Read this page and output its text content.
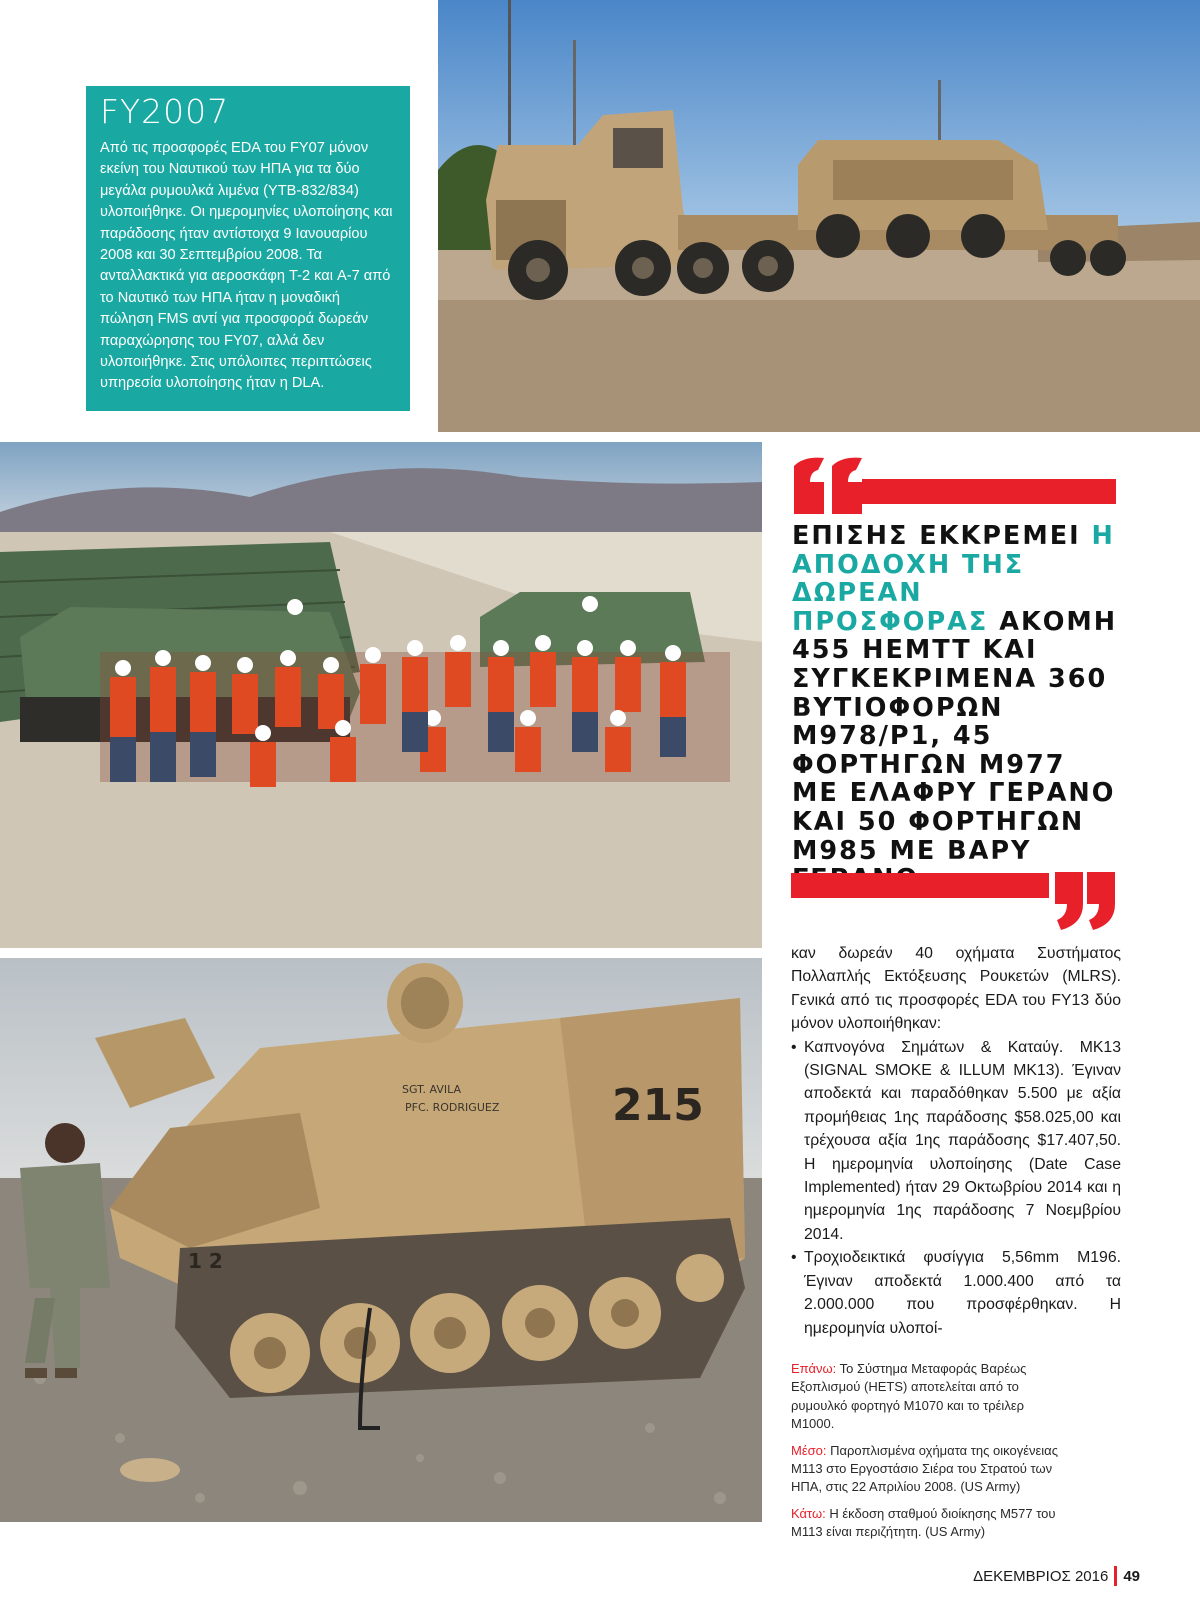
FY2007

Από τις προσφορές EDA του FY07 μόνον εκείνη του Ναυτικού των ΗΠΑ για τα δύο μεγάλα ρυμουλκά λιμένα (YTB-832/834) υλοποιήθηκε. Οι ημερομηνίες υλοποίησης και παράδοσης ήταν αντίστοιχα 9 Ιανουαρίου 2008 και 30 Σεπτεμβρίου 2008. Τα ανταλλακτικά για αεροσκάφη T-2 και A-7 από το Ναυτικό των ΗΠΑ ήταν η μοναδική πώληση FMS αντί για προσφορά δωρεάν παραχώρησης του FY07, αλλά δεν υλοποιήθηκε. Στις υπόλοιπες περιπτώσεις υπηρεσία υλοποίησης ήταν η DLA.

215
SGT. AVILA
PFC. RODRIGUEZ
1 2

ΕΠΙΣΗΣ ΕΚΚΡΕΜΕΙ Η ΑΠΟΔΟΧΗ ΤΗΣ ΔΩΡΕΑΝ ΠΡΟΣΦΟΡΑΣ ΑΚΟΜΗ 455 HEMTT ΚΑΙ ΣΥΓΚΕΚΡΙΜΕΝΑ 360 ΒΥΤΙΟΦΟΡΩΝ M978/P1, 45 ΦΟΡΤΗΓΩΝ M977 ΜΕ ΕΛΑΦΡΥ ΓΕΡΑΝΟ ΚΑΙ 50 ΦΟΡΤΗΓΩΝ M985 ΜΕ ΒΑΡΥ

καν δωρεάν 40 οχήματα Συστήματος Πολλαπλής Εκτόξευσης Ρουκετών (MLRS). Γενικά από τις προσφορές EDA του FY13 δύο μόνον υλοποιήθηκαν:

• Καπνογόνα Σημάτων & Καταύγ. MK13 (SIGNAL SMOKE & ILLUM MK13). Έγιναν αποδεκτά και παραδόθηκαν 5.500 με αξία προμήθειας 1ης παράδοσης $58.025,00 και τρέχουσα αξία 1ης παράδοσης $17.407,50. Η ημερομηνία υλοποίησης (Date Case Implemented) ήταν 29 Οκτωβρίου 2014 και η ημερομηνία 1ης παράδοσης 7 Νοεμβρίου 2014.
• Τροχιοδεικτικά φυσίγγια 5,56mm M196. Έγιναν αποδεκτά 1.000.400 από τα 2.000.000 που προσφέρθηκαν. Η ημερομηνία υλοποί-

Επάνω: Το Σύστημα Μεταφοράς Βαρέως Εξοπλισμού (HETS) αποτελείται από το ρυμουλκό φορτηγό M1070 και το τρέιλερ M1000.

Μέσο: Παροπλισμένα οχήματα της οικογένειας M113 στο Εργοστάσιο Σιέρα του Στρατού των ΗΠΑ, στις 22 Απριλίου 2008. (US Army)

Κάτω: Η έκδοση σταθμού διοίκησης M577 του M113 είναι περιζήτητη. (US Army)

ΔΕΚΕΜΒΡΙΟΣ 2016 49
